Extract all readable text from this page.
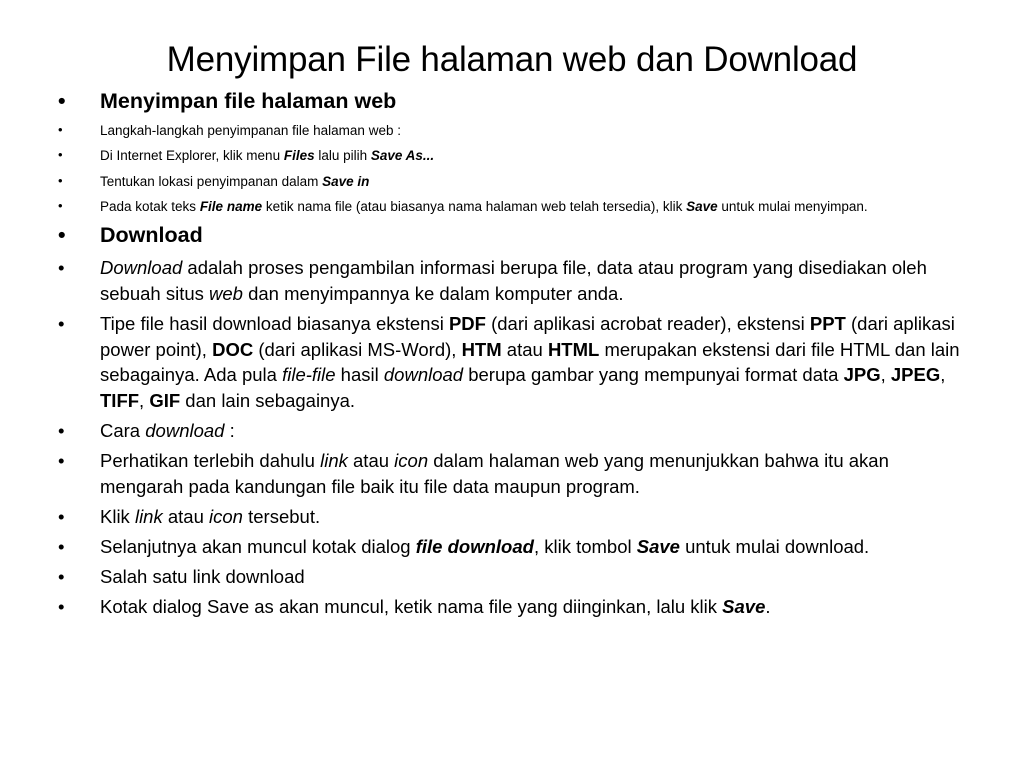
Menyimpan File halaman web dan Download
• Menyimpan file halaman web
• Langkah-langkah penyimpanan file halaman web :
• Di Internet Explorer, klik menu Files lalu pilih Save As...
• Tentukan lokasi penyimpanan dalam Save in
• Pada kotak teks File name ketik nama file (atau biasanya nama halaman web telah tersedia), klik Save untuk mulai menyimpan.
• Download
• Download adalah proses pengambilan informasi berupa file, data atau program yang disediakan oleh sebuah situs web dan menyimpannya ke dalam komputer anda.
• Tipe file hasil download biasanya ekstensi PDF (dari aplikasi acrobat reader), ekstensi PPT (dari aplikasi power point), DOC (dari aplikasi MS-Word), HTM atau HTML merupakan ekstensi dari file HTML dan lain sebagainya. Ada pula file-file hasil download berupa gambar yang mempunyai format data JPG, JPEG, TIFF, GIF dan lain sebagainya.
• Cara download :
• Perhatikan terlebih dahulu link atau icon dalam halaman web yang menunjukkan bahwa itu akan mengarah pada kandungan file baik itu file data maupun program.
• Klik link atau icon tersebut.
• Selanjutnya akan muncul kotak dialog file download, klik tombol Save untuk mulai download.
• Salah satu link download
• Kotak dialog Save as akan muncul, ketik nama file yang diinginkan, lalu klik Save.
